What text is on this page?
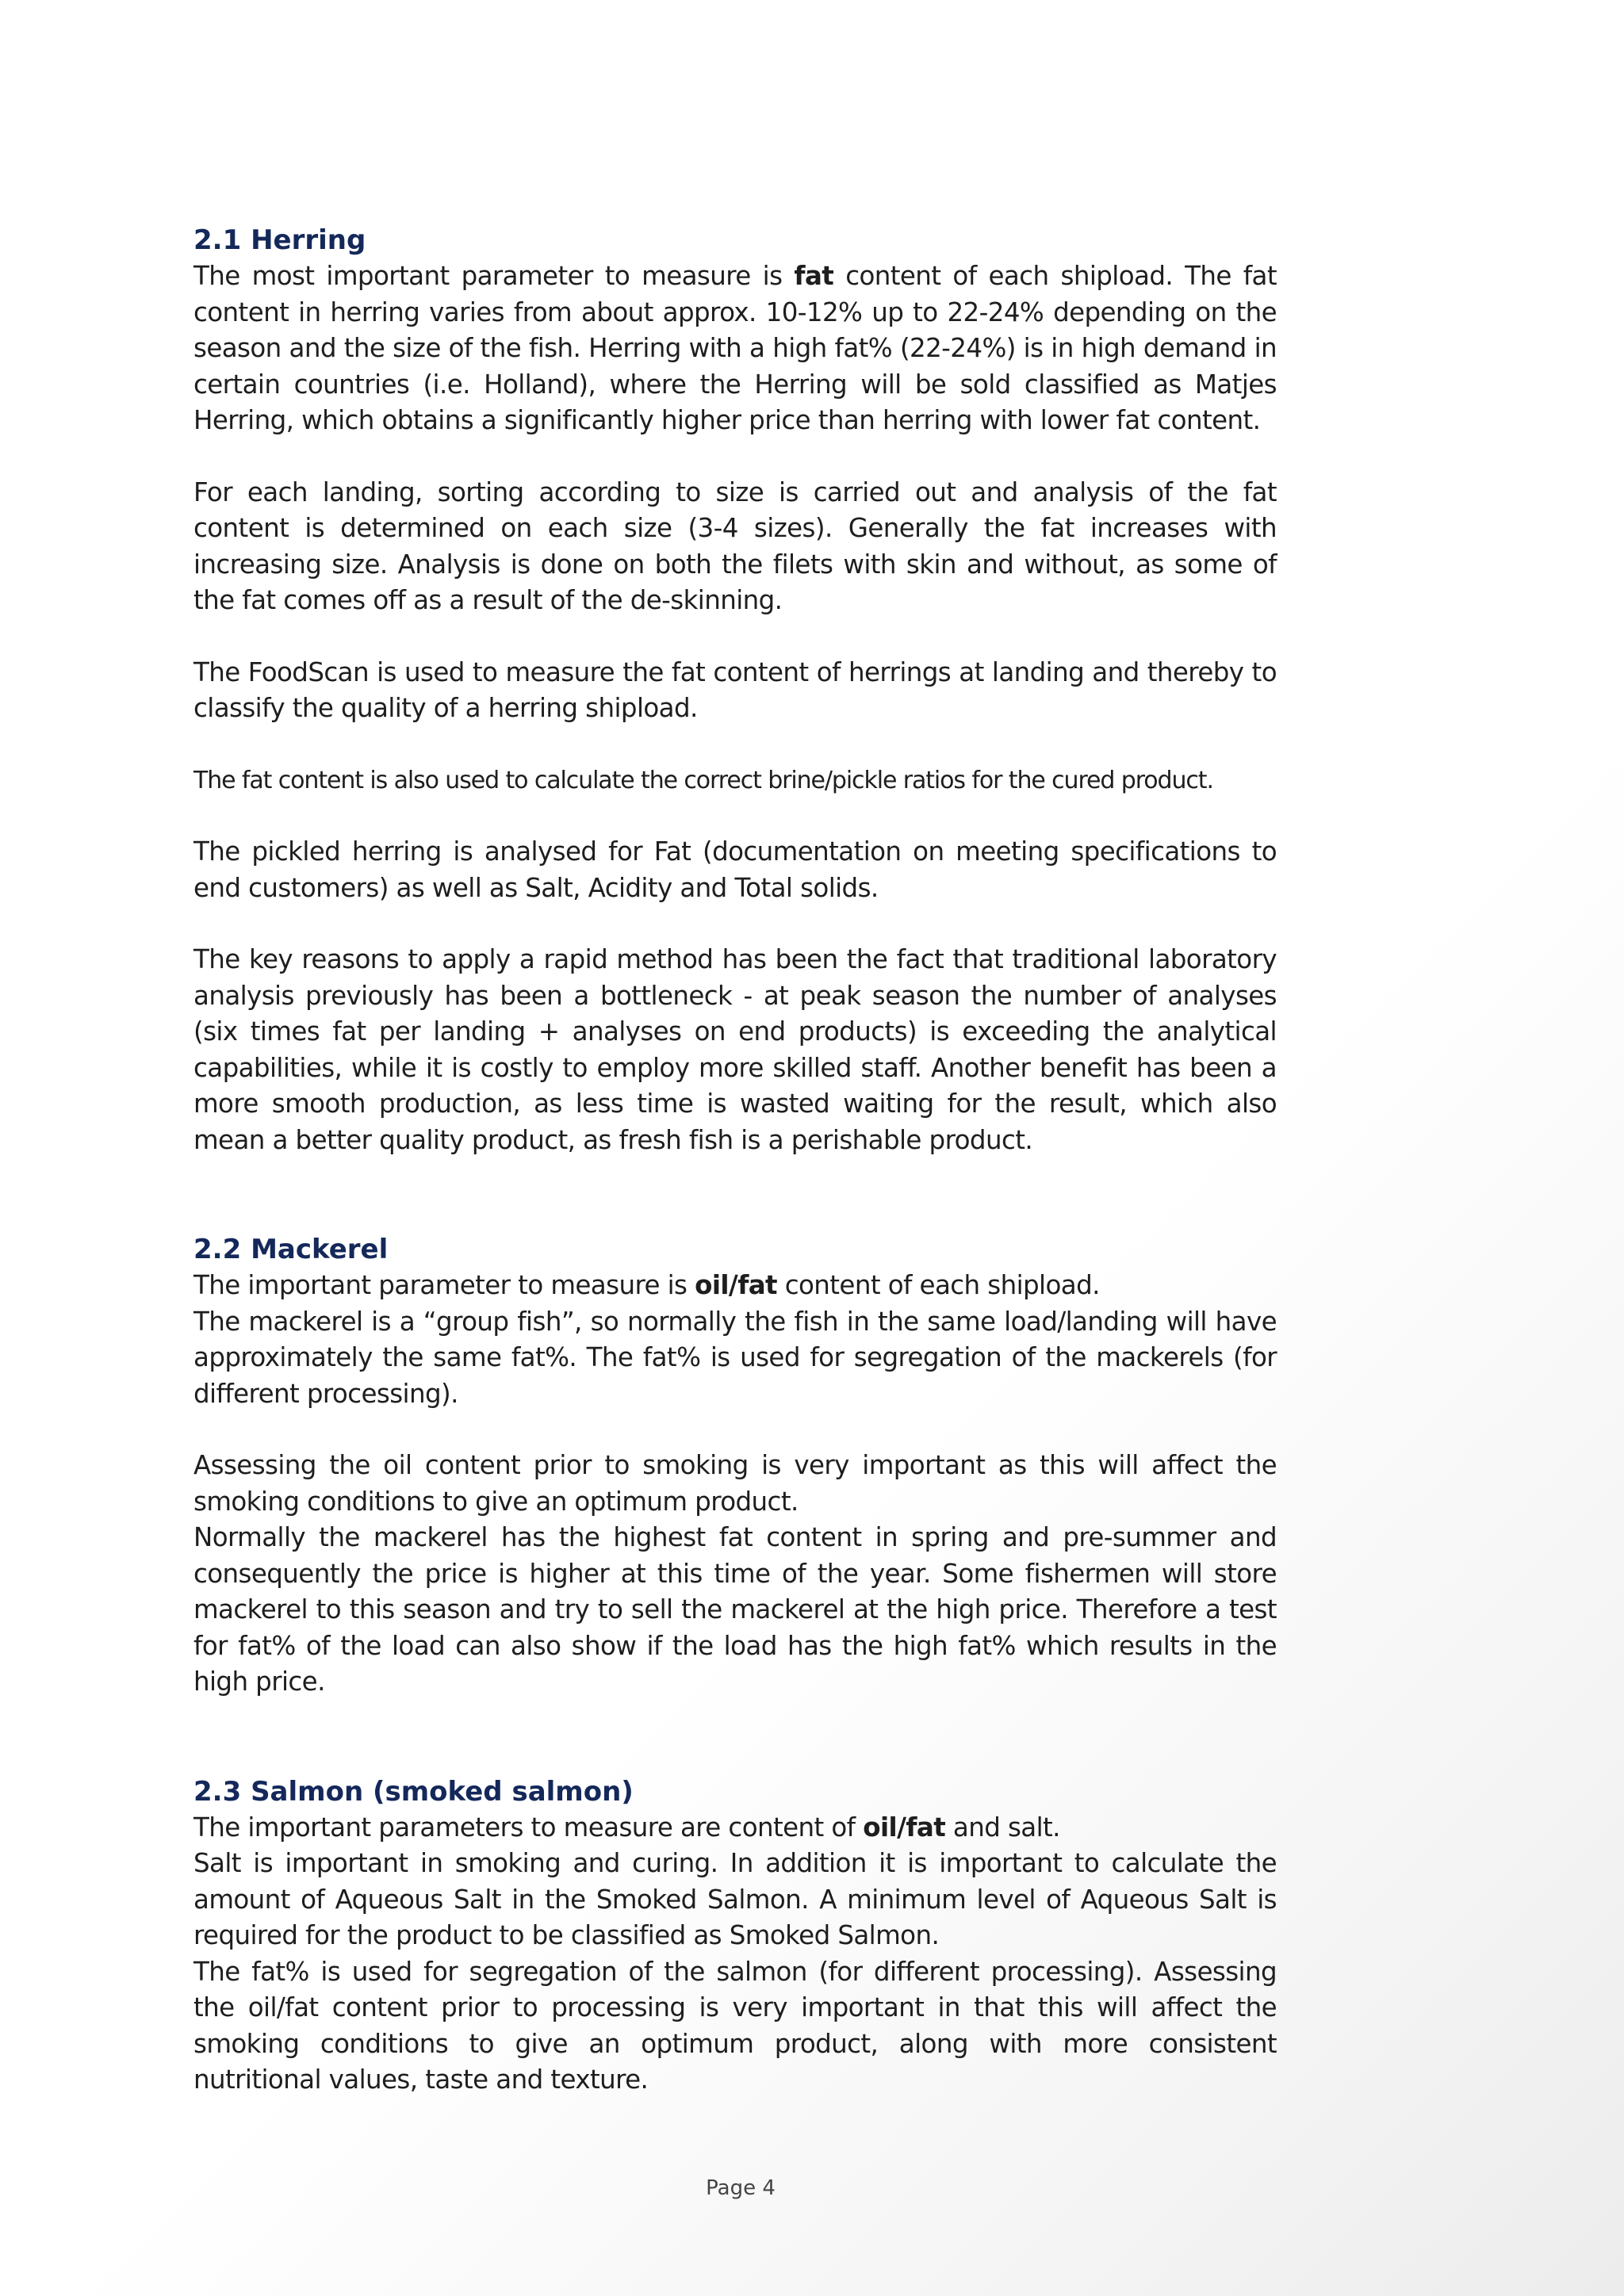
2.1 Herring

The most important parameter to measure is fat content of each shipload. The fat content in herring varies from about approx. 10-12% up to 22-24% depending on the season and the size of the fish. Herring with a high fat% (22-24%) is in high demand in certain countries (i.e. Holland), where the Herring will be sold classified as Matjes Herring, which obtains a significantly higher price than herring with lower fat content.

For each landing, sorting according to size is carried out and analysis of the fat content is determined on each size (3-4 sizes). Generally the fat increases with increasing size. Analysis is done on both the filets with skin and without, as some of the fat comes off as a result of the de-skinning.

The FoodScan is used to measure the fat content of herrings at landing and thereby to classify the quality of a herring shipload.

The fat content is also used to calculate the correct brine/pickle ratios for the cured product.

The pickled herring is analysed for Fat (documentation on meeting specifications to end customers) as well as Salt, Acidity and Total solids.

The key reasons to apply a rapid method has been the fact that traditional laboratory analysis previously has been a bottleneck - at peak season the number of analyses (six times fat per landing + analyses on end products) is exceeding the analytical capabilities, while it is costly to employ more skilled staff. Another benefit has been a more smooth production, as less time is wasted waiting for the result, which also mean a better quality product, as fresh fish is a perishable product.

2.2 Mackerel

The important parameter to measure is oil/fat content of each shipload.

The mackerel is a “group fish”, so normally the fish in the same load/landing will have approximately the same fat%. The fat% is used for segregation of the mackerels (for different processing).

Assessing the oil content prior to smoking is very important as this will affect the smoking conditions to give an optimum product.

Normally the mackerel has the highest fat content in spring and pre-summer and consequently the price is higher at this time of the year. Some fishermen will store mackerel to this season and try to sell the mackerel at the high price. Therefore a test for fat% of the load can also show if the load has the high fat% which results in the high price.

2.3 Salmon (smoked salmon)

The important parameters to measure are content of oil/fat and salt.

Salt is important in smoking and curing. In addition it is important to calculate the amount of Aqueous Salt in the Smoked Salmon. A minimum level of Aqueous Salt is required for the product to be classified as Smoked Salmon.

The fat% is used for segregation of the salmon (for different processing). Assessing the oil/fat content prior to processing is very important in that this will affect the smoking conditions to give an optimum product, along with more consistent nutritional values, taste and texture.

Page 4
